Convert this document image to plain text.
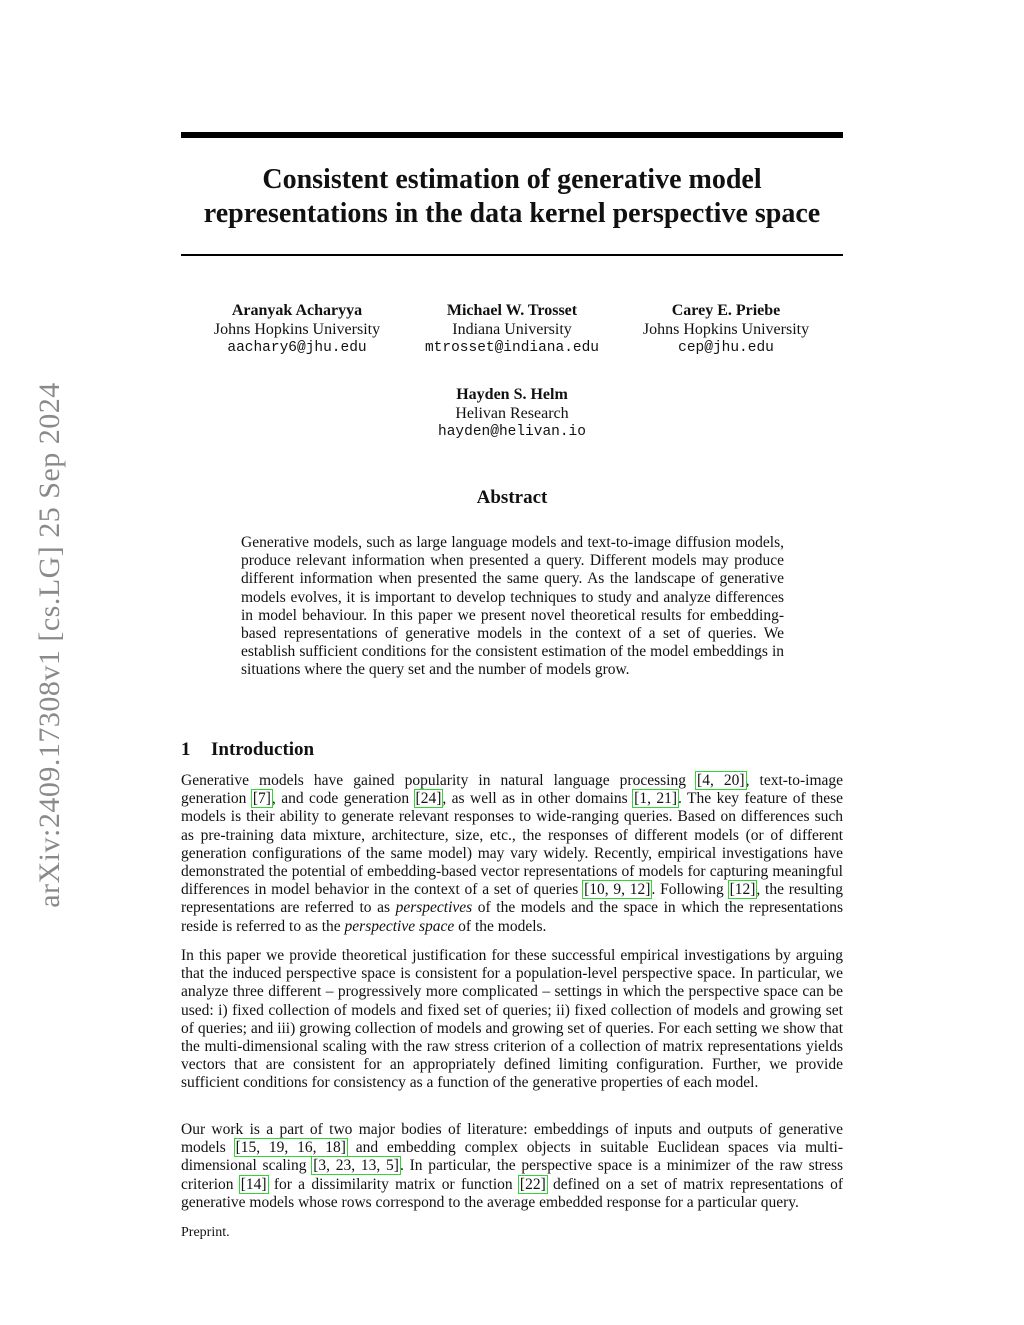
arXiv:2409.17308v1 [cs.LG] 25 Sep 2024
Consistent estimation of generative model
representations in the data kernel perspective space
Aranyak Acharyya
Johns Hopkins University
aachary6@jhu.edu
Michael W. Trosset
Indiana University
mtrosset@indiana.edu
Carey E. Priebe
Johns Hopkins University
cep@jhu.edu
Hayden S. Helm
Helivan Research
hayden@helivan.io
Abstract

Generative models, such as large language models and text-to-image diffusion models, produce relevant information when presented a query. Different models may produce different information when presented the same query. As the landscape of generative models evolves, it is important to develop techniques to study and analyze differences in model behaviour. In this paper we present novel theoretical results for embedding-based representations of generative models in the context of a set of queries. We establish sufficient conditions for the consistent estimation of the model embeddings in situations where the query set and the number of models grow.

1 Introduction

Generative models have gained popularity in natural language processing [4, 20], text-to-image generation [7], and code generation [24], as well as in other domains [1, 21]. The key feature of these models is their ability to generate relevant responses to wide-ranging queries. Based on differences such as pre-training data mixture, architecture, size, etc., the responses of different models (or of different generation configurations of the same model) may vary widely. Recently, empirical investigations have demonstrated the potential of embedding-based vector representations of models for capturing meaningful differences in model behavior in the context of a set of queries [10, 9, 12]. Following [12], the resulting representations are referred to as perspectives of the models and the space in which the representations reside is referred to as the perspective space of the models.

In this paper we provide theoretical justification for these successful empirical investigations by arguing that the induced perspective space is consistent for a population-level perspective space. In particular, we analyze three different – progressively more complicated – settings in which the perspective space can be used: i) fixed collection of models and fixed set of queries; ii) fixed collection of models and growing set of queries; and iii) growing collection of models and growing set of queries. For each setting we show that the multi-dimensional scaling with the raw stress criterion of a collection of matrix representations yields vectors that are consistent for an appropriately defined limiting configuration. Further, we provide sufficient conditions for consistency as a function of the generative properties of each model.

Our work is a part of two major bodies of literature: embeddings of inputs and outputs of generative models [15, 19, 16, 18] and embedding complex objects in suitable Euclidean spaces via multi-dimensional scaling [3, 23, 13, 5]. In particular, the perspective space is a minimizer of the raw stress criterion [14] for a dissimilarity matrix or function [22] defined on a set of matrix representations of generative models whose rows correspond to the average embedded response for a particular query.

Preprint.
